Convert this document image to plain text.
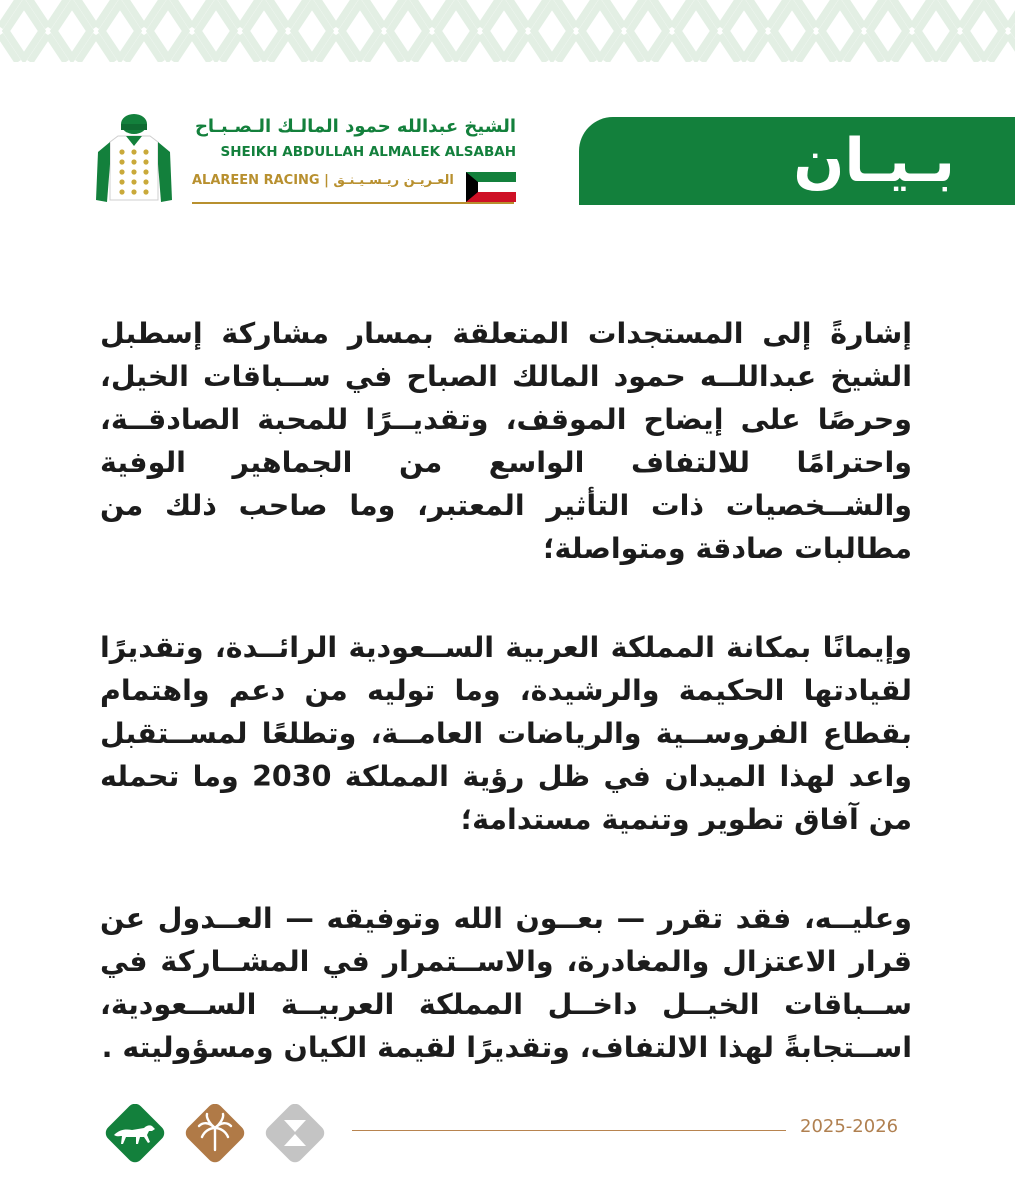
الشيخ عبدالله حمود المالـك الـصـبـاح
SHEIKH ABDULLAH ALMALEK ALSABAH
ALAREEN RACING | العـريـن ريـسـيـنـق	بـيـان

إشارةً إلى المستجدات المتعلقة بمسار مشاركة إسطبل الشيخ عبداللــه حمود المالك الصباح في ســباقات الخيل، وحرصًا على إيضاح الموقف، وتقديــرًا للمحبة الصادقــة، واحترامًا للالتفاف الواسع من الجماهير الوفية والشــخصيات ذات التأثير المعتبر، وما صاحب ذلك من مطالبات صادقة ومتواصلة؛

وإيمانًا بمكانة المملكة العربية الســعودية الرائــدة، وتقديرًا لقيادتها الحكيمة والرشيدة، وما توليه من دعم واهتمام بقطاع الفروســية والرياضات العامــة، وتطلعًا لمســتقبل واعد لهذا الميدان في ظل رؤية المملكة 2030 وما تحمله من آفاق تطوير وتنمية مستدامة؛

وعليــه، فقد تقرر — بعــون الله وتوفيقه — العــدول عن قرار الاعتزال والمغادرة، والاســتمرار في المشــاركة في ســباقات الخيــل داخــل المملكة العربيــة الســعودية، اســتجابةً لهذا الالتفاف، وتقديرًا لقيمة الكيان ومسؤوليته .

2025-2026
